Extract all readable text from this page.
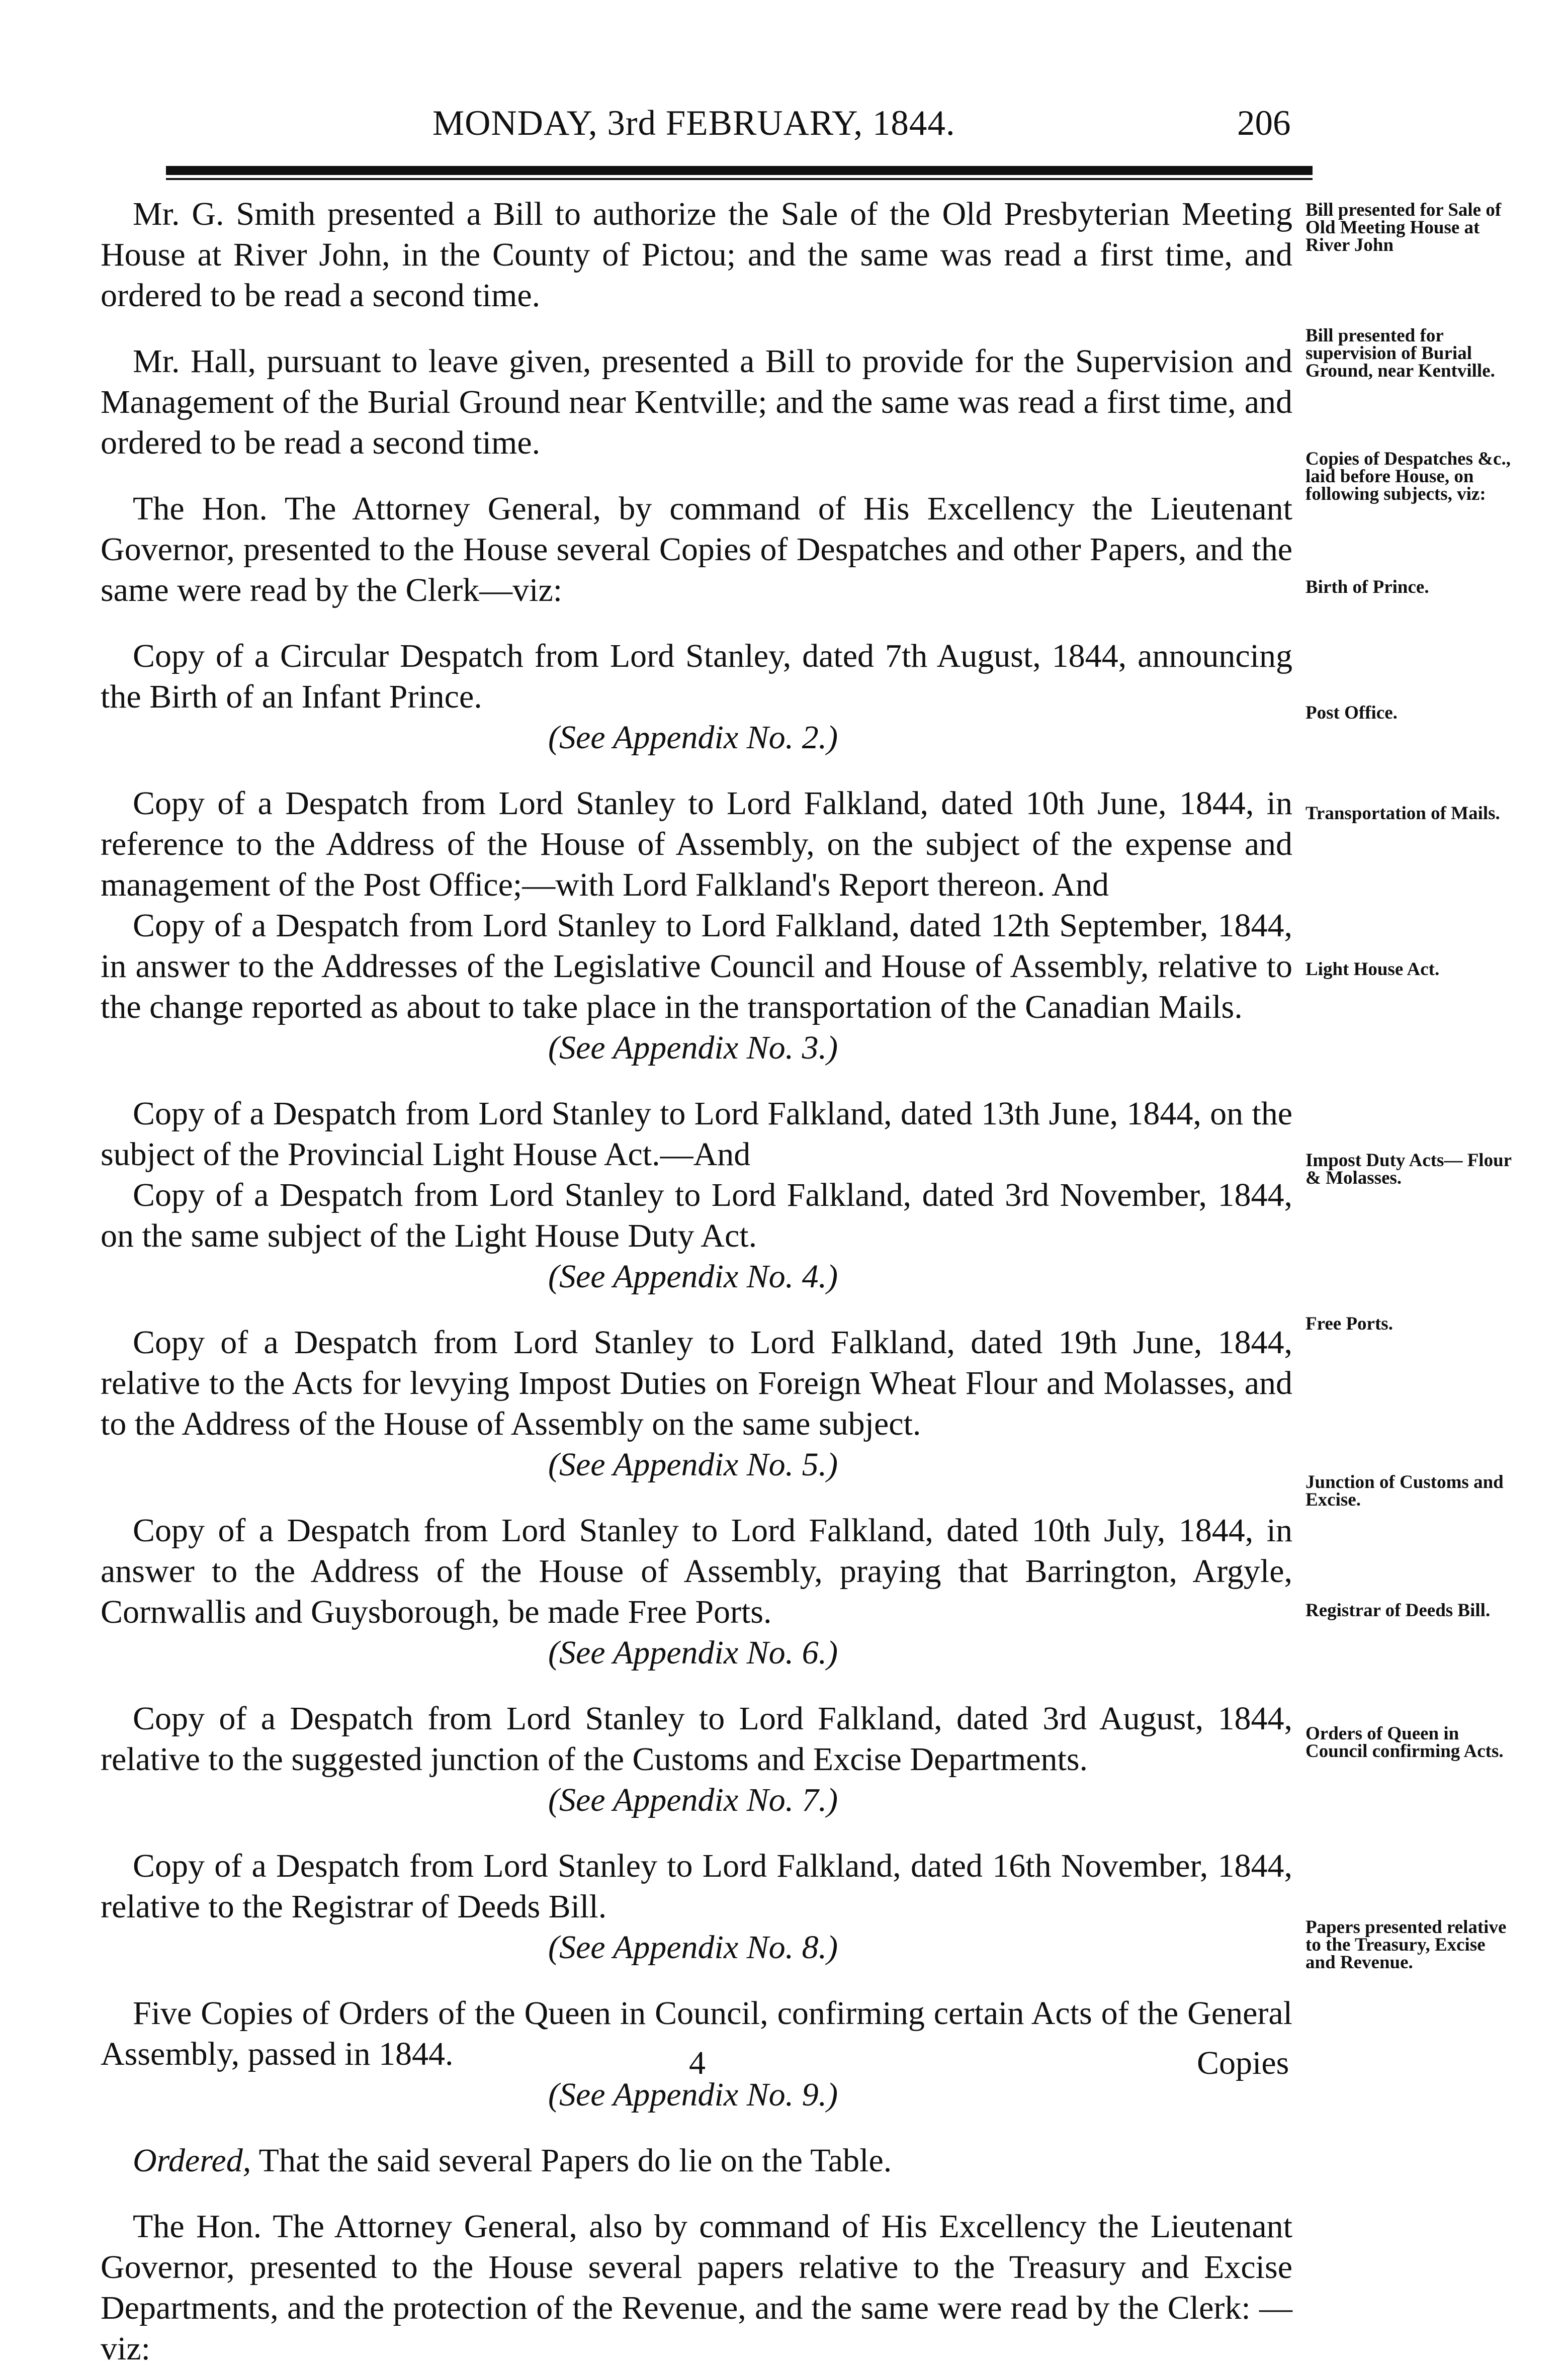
MONDAY, 3rd FEBRUARY, 1844.	206

Mr. G. Smith presented a Bill to authorize the Sale of the Old Presbyterian Meeting House at River John, in the County of Pictou; and the same was read a first time, and ordered to be read a second time.

Mr. Hall, pursuant to leave given, presented a Bill to provide for the Supervision and Management of the Burial Ground near Kentville; and the same was read a first time, and ordered to be read a second time.

The Hon. The Attorney General, by command of His Excellency the Lieutenant Governor, presented to the House several Copies of Despatches and other Papers, and the same were read by the Clerk—viz:

Copy of a Circular Despatch from Lord Stanley, dated 7th August, 1844, announcing the Birth of an Infant Prince.

(See Appendix No. 2.)

Copy of a Despatch from Lord Stanley to Lord Falkland, dated 10th June, 1844, in reference to the Address of the House of Assembly, on the subject of the expense and management of the Post Office;—with Lord Falkland's Report thereon. And

Copy of a Despatch from Lord Stanley to Lord Falkland, dated 12th September, 1844, in answer to the Addresses of the Legislative Council and House of Assembly, relative to the change reported as about to take place in the transportation of the Canadian Mails.

(See Appendix No. 3.)

Copy of a Despatch from Lord Stanley to Lord Falkland, dated 13th June, 1844, on the subject of the Provincial Light House Act.—And

Copy of a Despatch from Lord Stanley to Lord Falkland, dated 3rd November, 1844, on the same subject of the Light House Duty Act.

(See Appendix No. 4.)

Copy of a Despatch from Lord Stanley to Lord Falkland, dated 19th June, 1844, relative to the Acts for levying Impost Duties on Foreign Wheat Flour and Molasses, and to the Address of the House of Assembly on the same subject.

(See Appendix No. 5.)

Copy of a Despatch from Lord Stanley to Lord Falkland, dated 10th July, 1844, in answer to the Address of the House of Assembly, praying that Barrington, Argyle, Cornwallis and Guysborough, be made Free Ports.

(See Appendix No. 6.)

Copy of a Despatch from Lord Stanley to Lord Falkland, dated 3rd August, 1844, relative to the suggested junction of the Customs and Excise Departments.

(See Appendix No. 7.)

Copy of a Despatch from Lord Stanley to Lord Falkland, dated 16th November, 1844, relative to the Registrar of Deeds Bill.

(See Appendix No. 8.)

Five Copies of Orders of the Queen in Council, confirming certain Acts of the General Assembly, passed in 1844.

(See Appendix No. 9.)

Ordered, That the said several Papers do lie on the Table.

The Hon. The Attorney General, also by command of His Excellency the Lieutenant Governor, presented to the House several papers relative to the Treasury and Excise Departments, and the protection of the Revenue, and the same were read by the Clerk: —viz:

Bill presented for Sale of Old Meeting House at River John
Bill presented for supervision of Burial Ground, near Kentville.
Copies of Despatches &c., laid before House, on following subjects, viz:
Birth of Prince.
Post Office.
Transportation of Mails.
Light House Act.
Impost Duty Acts— Flour & Molasses.
Free Ports.
Junction of Customs and Excise.
Registrar of Deeds Bill.
Orders of Queen in Council confirming Acts.
Papers presented relative to the Treasury, Excise and Revenue.
4	Copies
